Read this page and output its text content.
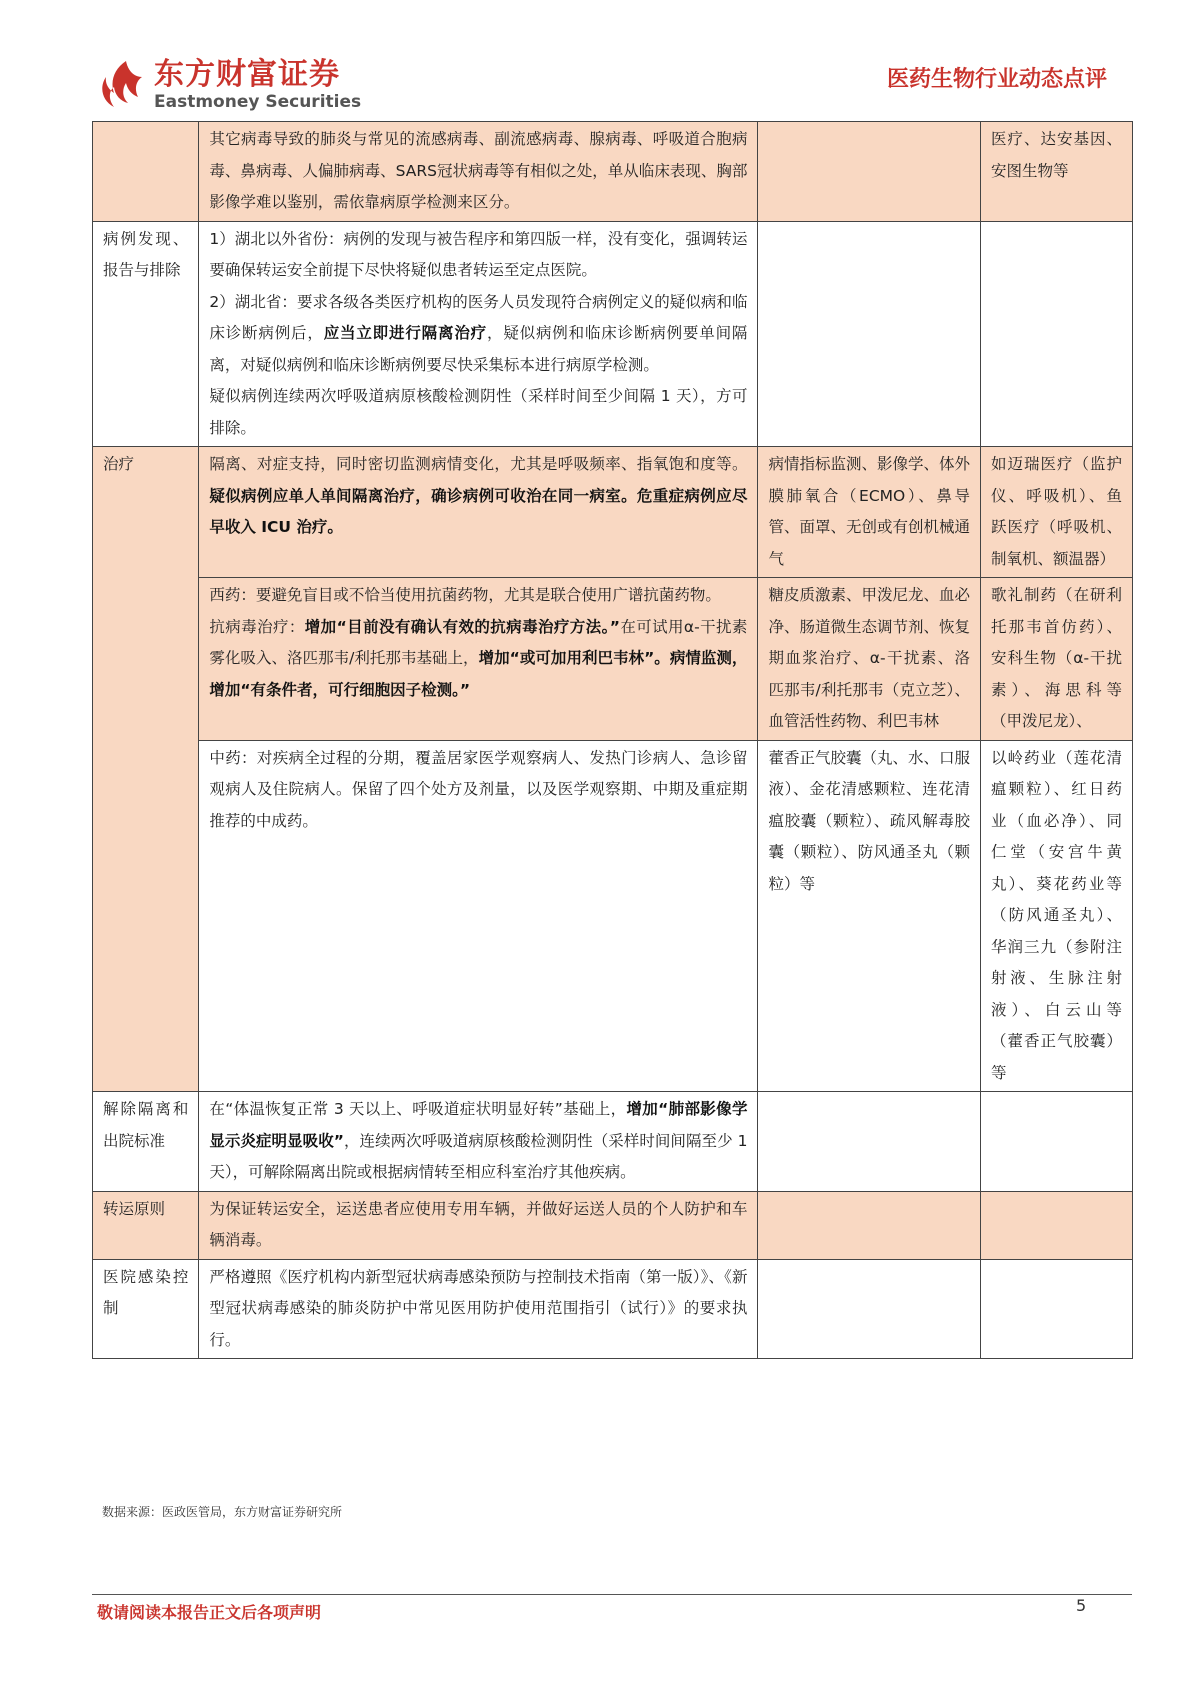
东方财富证券
Eastmoney Securities
医药生物行业动态点评
	其它病毒导致的肺炎与常见的流感病毒、副流感病毒、腺病毒、呼吸道合胞病毒、鼻病毒、人偏肺病毒、SARS冠状病毒等有相似之处，单从临床表现、胸部影像学难以鉴别，需依靠病原学检测来区分。		医疗、达安基因、安图生物等
病例发现、报告与排除	1）湖北以外省份：病例的发现与被告程序和第四版一样，没有变化，强调转运要确保转运安全前提下尽快将疑似患者转运至定点医院。
2）湖北省：要求各级各类医疗机构的医务人员发现符合病例定义的疑似病和临床诊断病例后，应当立即进行隔离治疗，疑似病例和临床诊断病例要单间隔离，对疑似病例和临床诊断病例要尽快采集标本进行病原学检测。
疑似病例连续两次呼吸道病原核酸检测阴性（采样时间至少间隔 1 天），方可排除。		

治疗	隔离、对症支持，同时密切监测病情变化，尤其是呼吸频率、指氧饱和度等。疑似病例应单人单间隔离治疗，确诊病例可收治在同一病室。危重症病例应尽早收入 ICU 治疗。	病情指标监测、影像学、体外膜肺氧合（ECMO）、鼻导管、面罩、无创或有创机械通气	如迈瑞医疗（监护仪、呼吸机）、鱼跃医疗（呼吸机、制氧机、额温器）

	西药：要避免盲目或不恰当使用抗菌药物，尤其是联合使用广谱抗菌药物。
抗病毒治疗：增加“目前没有确认有效的抗病毒治疗方法。”在可试用α-干扰素雾化吸入、洛匹那韦/利托那韦基础上，增加“或可加用利巴韦林”。病情监测，增加“有条件者，可行细胞因子检测。”	糖皮质激素、甲泼尼龙、血必净、肠道微生态调节剂、恢复期血浆治疗、α-干扰素、洛匹那韦/利托那韦（克立芝）、血管活性药物、利巴韦林	歌礼制药（在研利托那韦首仿药）、安科生物（α-干扰素）、海思科等（甲泼尼龙）、
	中药：对疾病全过程的分期，覆盖居家医学观察病人、发热门诊病人、急诊留观病人及住院病人。保留了四个处方及剂量，以及医学观察期、中期及重症期推荐的中成药。	藿香正气胶囊（丸、水、口服液）、金花清感颗粒、连花清瘟胶囊（颗粒）、疏风解毒胶囊（颗粒）、防风通圣丸（颗粒）等	以岭药业（莲花清瘟颗粒）、红日药业（血必净）、同仁堂（安宫牛黄丸）、葵花药业等（防风通圣丸）、华润三九（参附注射液、生脉注射液）、白云山等（藿香正气胶囊）等
解除隔离和出院标准	在“体温恢复正常 3 天以上、呼吸道症状明显好转”基础上，增加“肺部影像学显示炎症明显吸收”，连续两次呼吸道病原核酸检测阴性（采样时间间隔至少 1 天），可解除隔离出院或根据病情转至相应科室治疗其他疾病。		
转运原则	为保证转运安全，运送患者应使用专用车辆，并做好运送人员的个人防护和车辆消毒。		
医院感染控制	严格遵照《医疗机构内新型冠状病毒感染预防与控制技术指南（第一版）》、《新型冠状病毒感染的肺炎防护中常见医用防护使用范围指引（试行）》的要求执行。		
数据来源：医政医管局，东方财富证券研究所
敬请阅读本报告正文后各项声明	5
